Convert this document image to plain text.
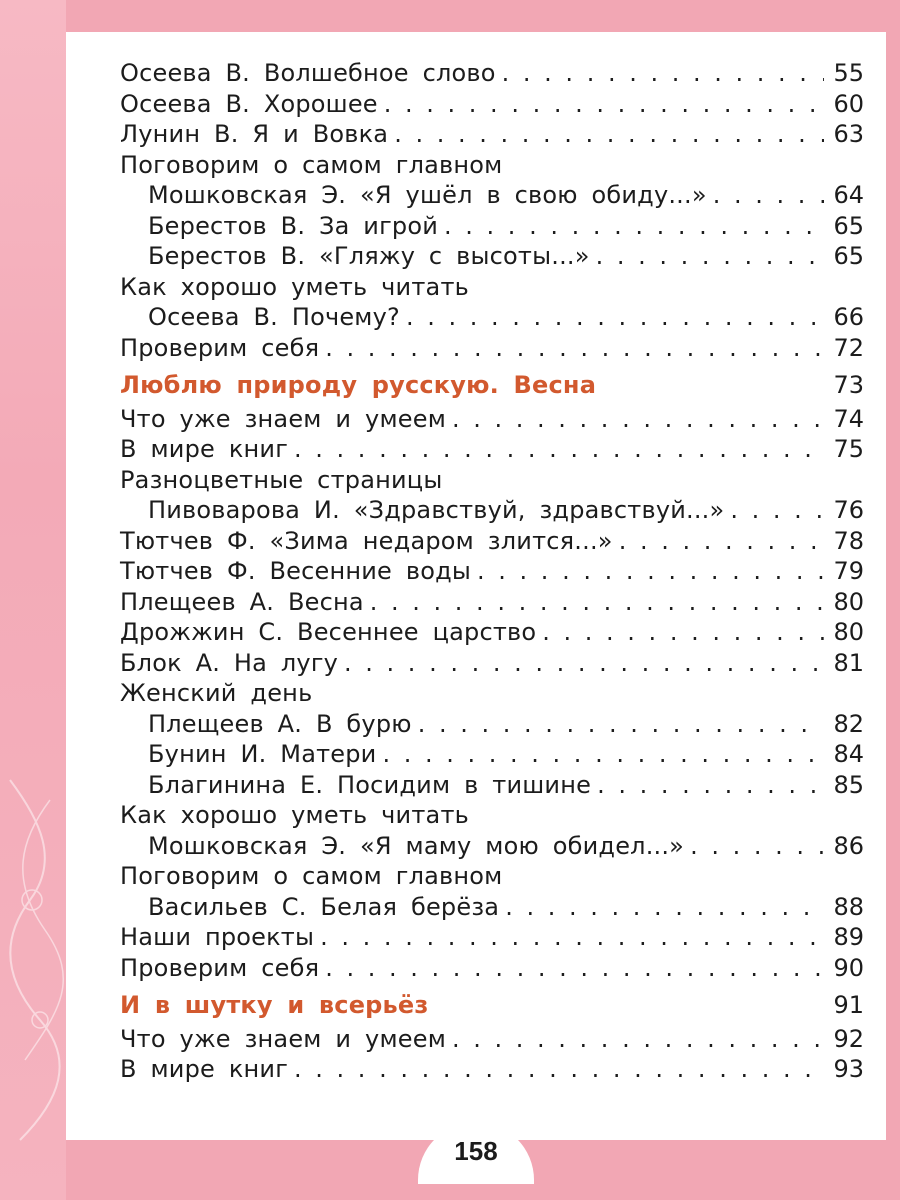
Осеева В. Волшебное слово . . .	55
Осеева В. Хорошее . . .	60
Лунин В. Я и Вовка . . .	63
Поговорим о самом главном
Мошковская Э. «Я ушёл в свою обиду...» . . .	64
Берестов В. За игрой . . .	65
Берестов В. «Гляжу с высоты...» . . .	65
Как хорошо уметь читать
Осеева В. Почему? . . .	66
Проверим себя . . .	72
Люблю природу русскую. Весна	73
Что уже знаем и умеем . . .	74
В мире книг . . .	75
Разноцветные страницы
Пивоварова И. «Здравствуй, здравствуй...» . . .	76
Тютчев Ф. «Зима недаром злится...» . . .	78
Тютчев Ф. Весенние воды . . .	79
Плещеев А. Весна . . .	80
Дрожжин С. Весеннее царство . . .	80
Блок А. На лугу . . .	81
Женский день
Плещеев А. В бурю . . .	82
Бунин И. Матери . . .	84
Благинина Е. Посидим в тишине . . .	85
Как хорошо уметь читать
Мошковская Э. «Я маму мою обидел...» . . .	86
Поговорим о самом главном
Васильев С. Белая берёза . . .	88
Наши проекты . . .	89
Проверим себя . . .	90
И в шутку и всерьёз	91
Что уже знаем и умеем . . .	92
В мире книг . . .	93
158
